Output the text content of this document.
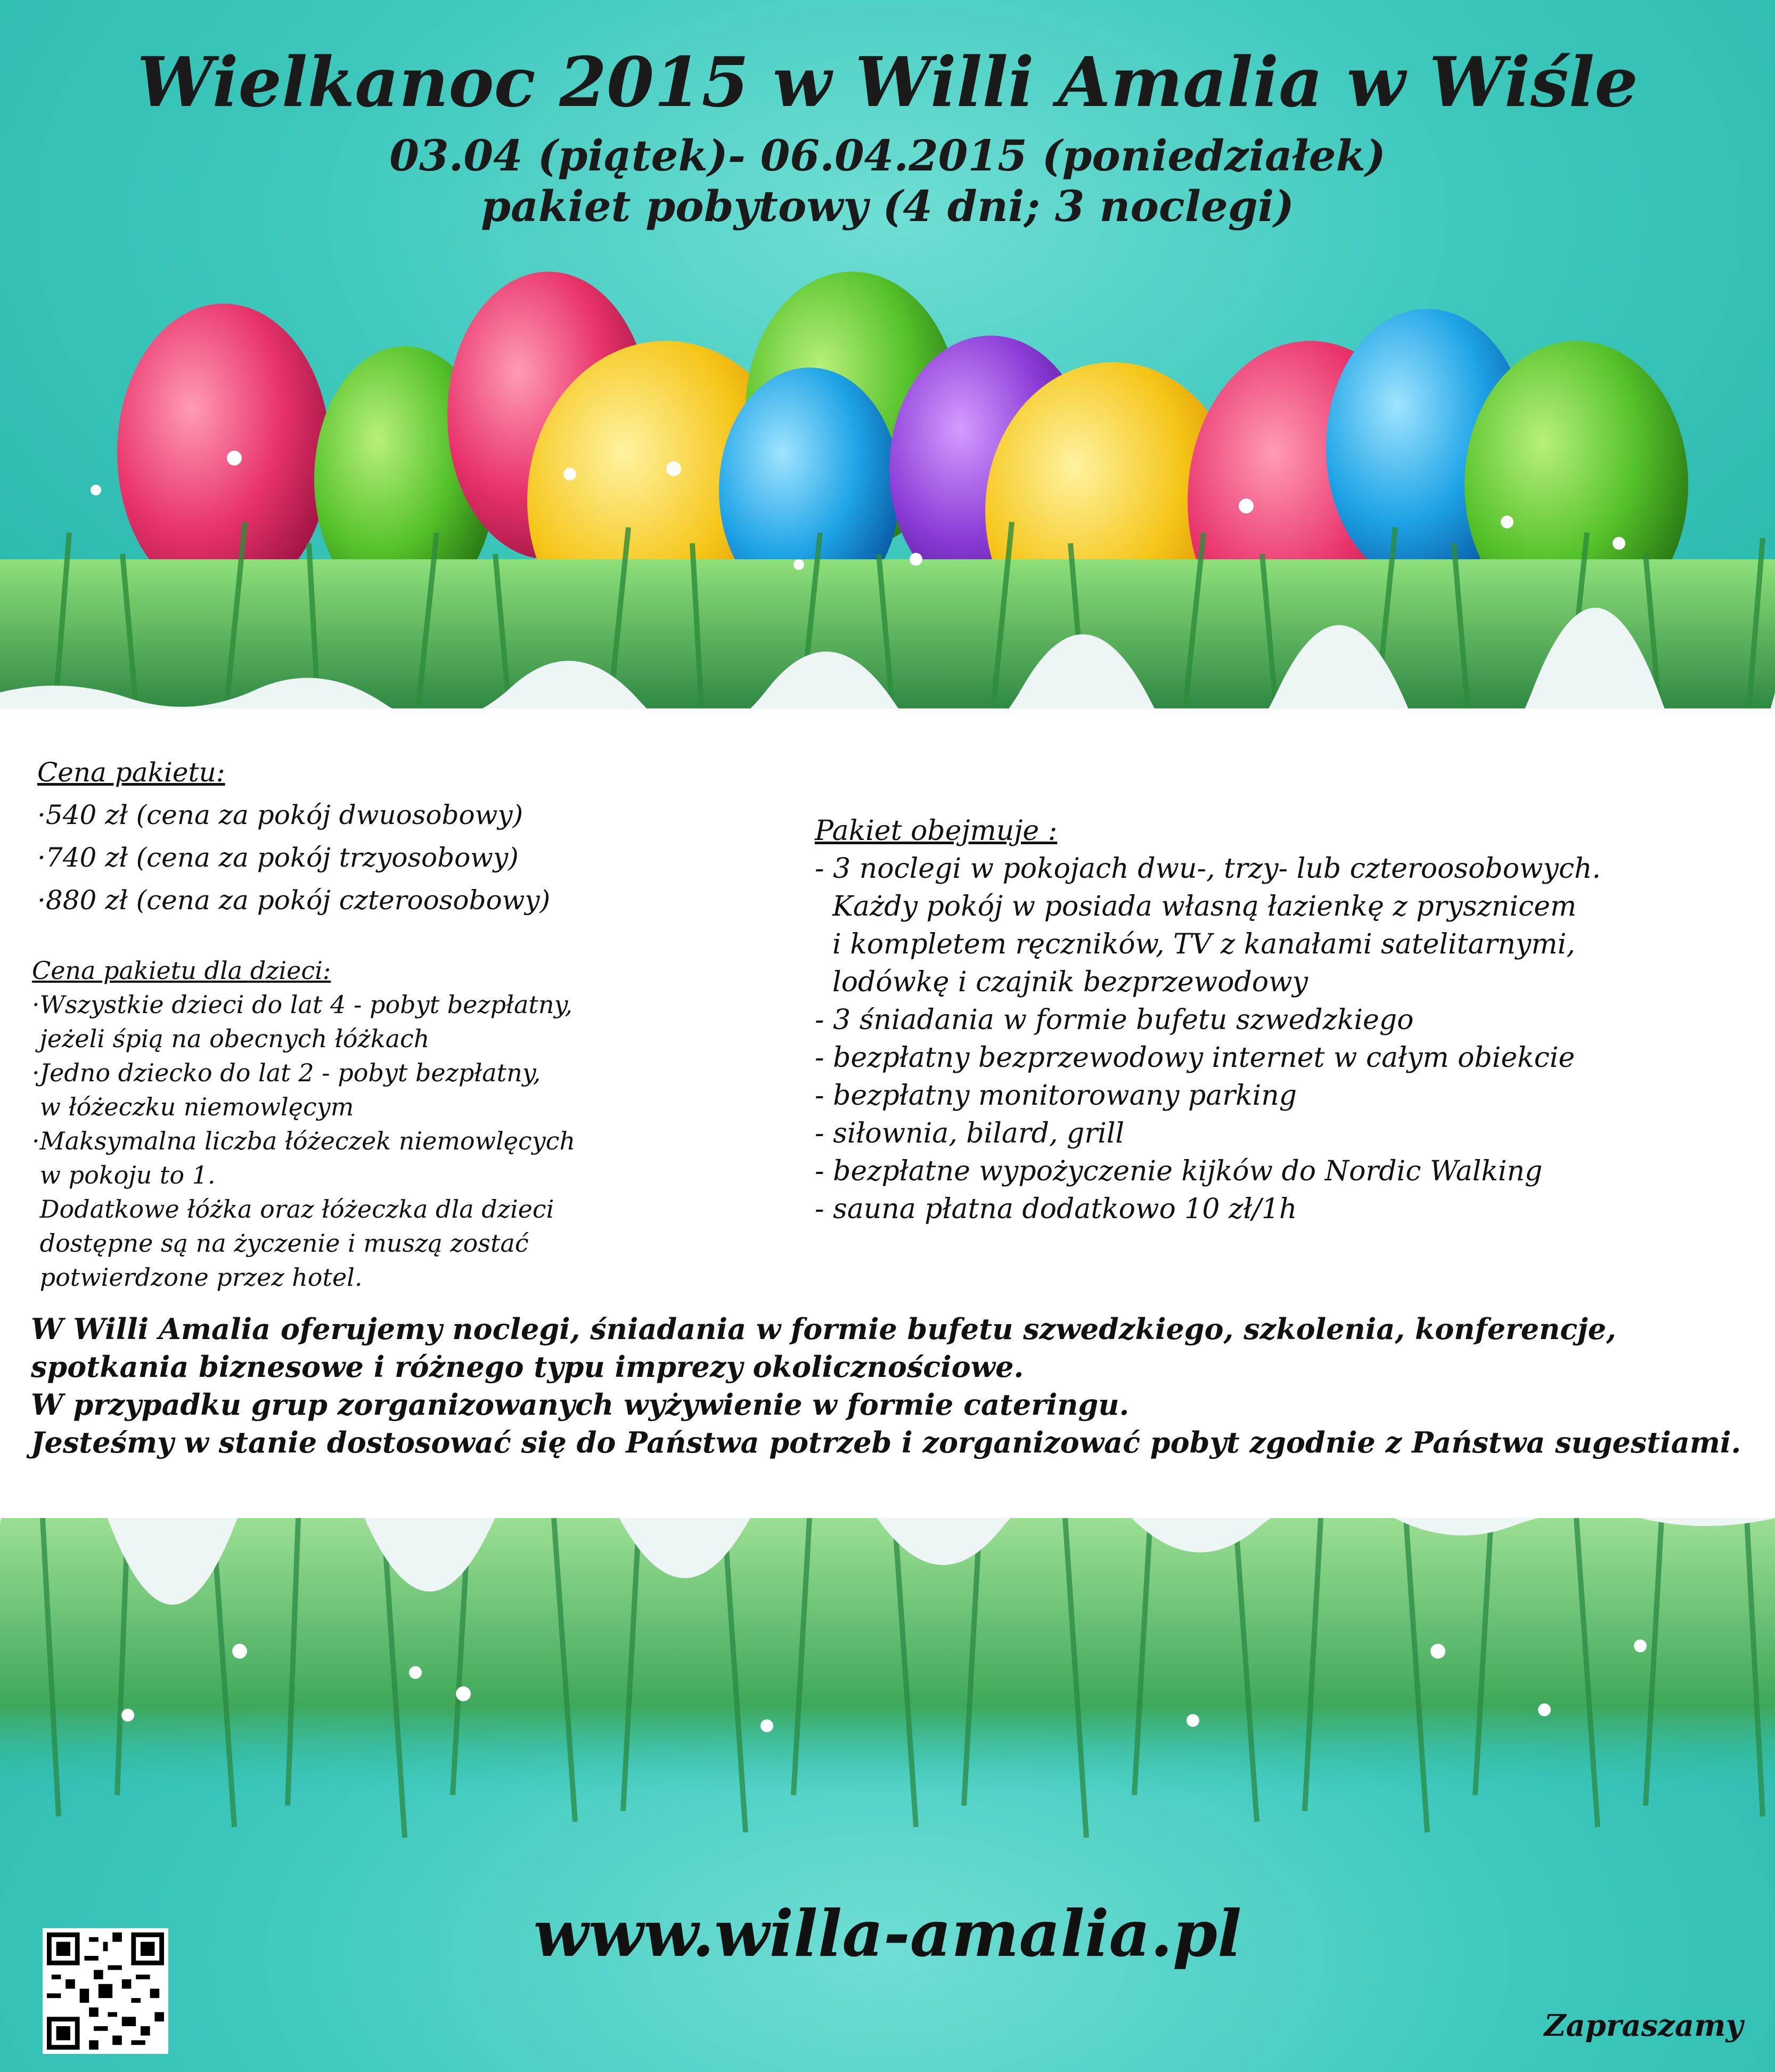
Wielkanoc 2015 w Willi Amalia w Wiśle
03.04 (piątek)- 06.04.2015 (poniedziałek)
pakiet pobytowy (4 dni; 3 noclegi)
Cena pakietu:
·540 zł (cena za pokój dwuosobowy)
·740 zł (cena za pokój trzyosobowy)
·880 zł (cena za pokój czteroosobowy)
Cena pakietu dla dzieci:
·Wszystkie dzieci do lat 4 - pobyt bezpłatny,
jeżeli śpią na obecnych łóżkach
·Jedno dziecko do lat 2 - pobyt bezpłatny,
w łóżeczku niemowlęcym
·Maksymalna liczba łóżeczek niemowlęcych
w pokoju to 1.
Dodatkowe łóżka oraz łóżeczka dla dzieci
dostępne są na życzenie i muszą zostać
potwierdzone przez hotel.
Pakiet obejmuje :
- 3 noclegi w pokojach dwu-, trzy- lub czteroosobowych.
Każdy pokój w posiada własną łazienkę z prysznicem
i kompletem ręczników, TV z kanałami satelitarnymi,
lodówkę i czajnik bezprzewodowy
- 3 śniadania w formie bufetu szwedzkiego
- bezpłatny bezprzewodowy internet w całym obiekcie
- bezpłatny monitorowany parking
- siłownia, bilard, grill
- bezpłatne wypożyczenie kijków do Nordic Walking
- sauna płatna dodatkowo 10 zł/1h
W Willi Amalia oferujemy noclegi, śniadania w formie bufetu szwedzkiego, szkolenia, konferencje,
spotkania biznesowe i różnego typu imprezy okolicznościowe.
W przypadku grup zorganizowanych wyżywienie w formie cateringu.
Jesteśmy w stanie dostosować się do Państwa potrzeb i zorganizować pobyt zgodnie z Państwa sugestiami.
www.willa-amalia.pl
Zapraszamy
